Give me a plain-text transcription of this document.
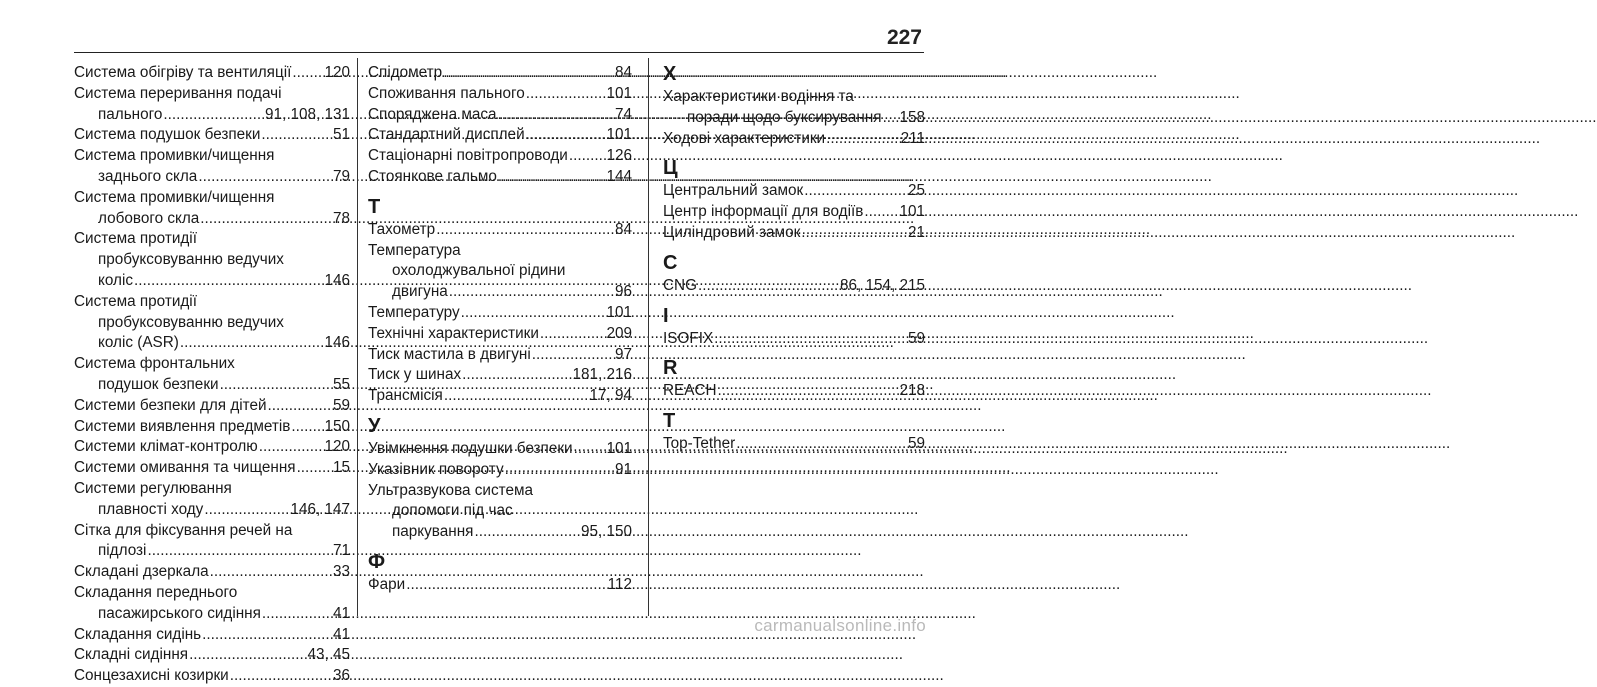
227
Система обігріву та вентиляції ..... 120
Система переривання подачі
пального .....	91, 108, 131
Система подушок безпеки .....	51
Система промивки/чищення
заднього скла .....	79
Система промивки/чищення
лобового скла .....	78
Система протидії
пробуксовуванню ведучих
коліс .....	146
Система протидії
пробуксовуванню ведучих
коліс (ASR) .....	146
Система фронтальних
подушок безпеки .....	55
Системи безпеки для дітей .....	59
Системи виявлення предметів ..... 150
Системи клімат-контролю .....	120
Системи омивання та чищення ..... 15
Системи регулювання
плавності ходу .....	146, 147
Сітка для фіксування речей на
підлозі .....	71
Складані дзеркала .....	33
Складання переднього
пасажирського сидіння .....	41
Складання сидінь .....	41
Складні сидіння .....	43, 45
Сонцезахисні козирки .....	36
Спідометр .....	84
Споживання пального .....	101
Спорядженa маса .....	74
Стандартний дисплей .....	101
Стаціонарні повітропроводи .....	126
Стоянкове гальмо .....	144
Т
Тахометр .....	84
Температура
охолоджувальної рідини
двигуна .....	96
Температуру .....	101
Технічні характеристики .....	209
Тиск мастила в двигуні .....	97
Тиск у шинах .....	181, 216
Трансмісія .....	17, 94
У
Увімкнення подушки безпеки ..... 101
Указівник повороту .....	91
Ультразвукова система
допомоги під час
паркування .....	95, 150
Ф
Фари .....	112
Х
Характеристики водіння та
поради щодо буксирування ..... 158
Ходові характеристики .....	211
Ц
Центральний замок .....	25
Центр інформації для водіїв ..... 101
Циліндровий замок .....	21
C
CNG .....	86, 154, 215
I
ISOFIX .....	59
R
REACH .....	218
T
Top-Tether .....	59
carmanualsonline.info
